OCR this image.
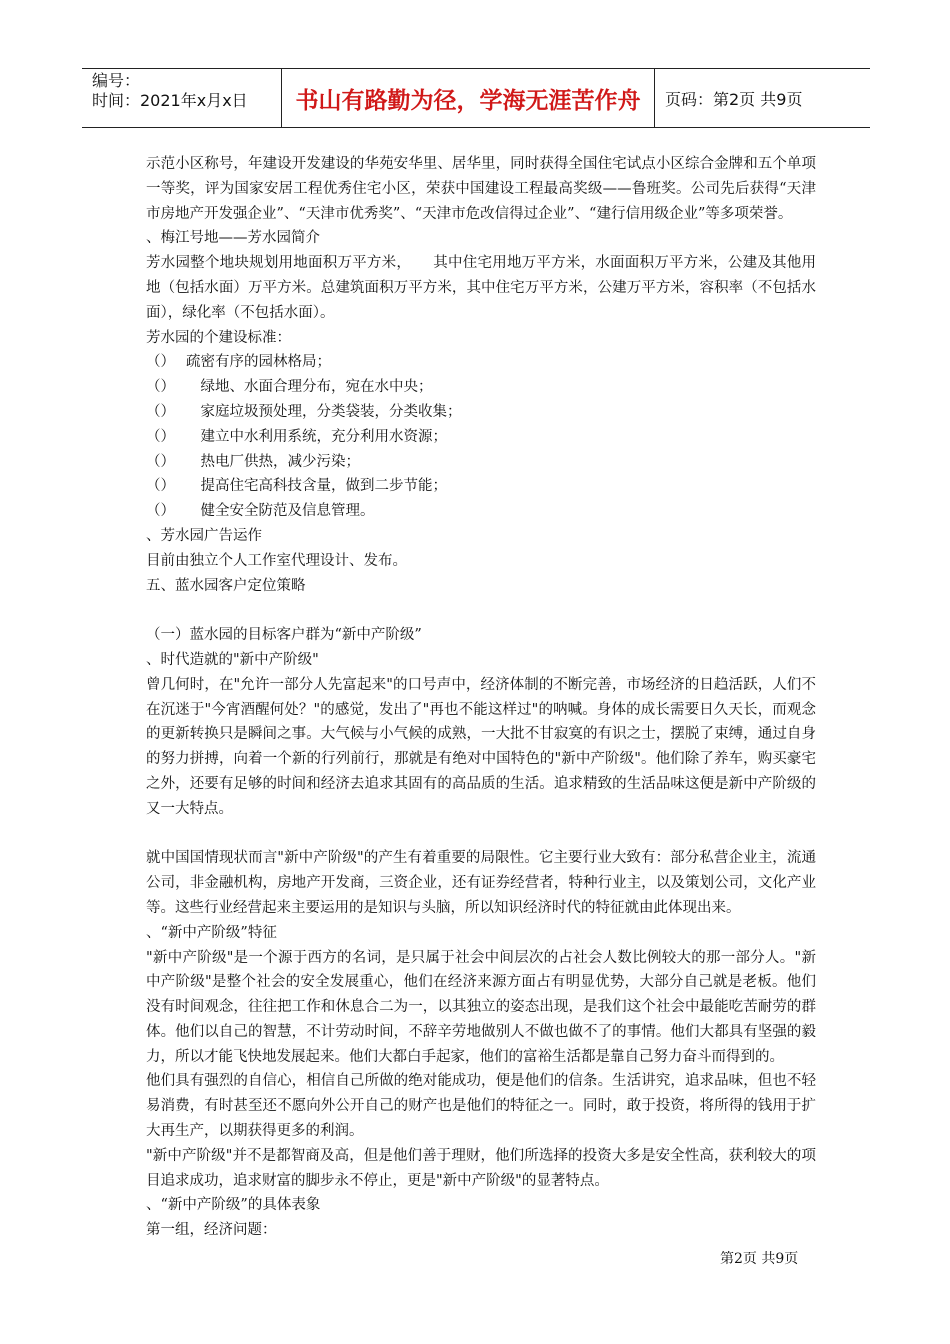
编号：
时间：2021年x月x日	书山有路勤为径，学海无涯苦作舟	页码：第2页 共9页

示范小区称号，年建设开发建设的华苑安华里、居华里，同时获得全国住宅试点小区综合金牌和五个单项一等奖，评为国家安居工程优秀住宅小区，荣获中国建设工程最高奖级——鲁班奖。公司先后获得“天津市房地产开发强企业”、“天津市优秀奖”、“天津市危改信得过企业”、“建行信用级企业”等多项荣誉。

、梅江号地——芳水园简介

芳水园整个地块规划用地面积万平方米，　　其中住宅用地万平方米，水面面积万平方米，公建及其他用地（包括水面）万平方米。总建筑面积万平方米，其中住宅万平方米，公建万平方米，容积率（不包括水面），绿化率（不包括水面）。

芳水园的个建设标准：

（） 疏密有序的园林格局；
（） 　绿地、水面合理分布，宛在水中央；
（） 　家庭垃圾预处理，分类袋装，分类收集；
（） 　建立中水利用系统，充分利用水资源；
（） 　热电厂供热，减少污染；
（） 　提高住宅高科技含量，做到二步节能；
（） 　健全安全防范及信息管理。

、芳水园广告运作

目前由独立个人工作室代理设计、发布。

五、蓝水园客户定位策略

（一）蓝水园的目标客户群为“新中产阶级”

、时代造就的"新中产阶级"

曾几何时，在"允许一部分人先富起来"的口号声中，经济体制的不断完善，市场经济的日趋活跃，人们不在沉迷于"今宵酒醒何处？"的感觉，发出了"再也不能这样过"的呐喊。身体的成长需要日久天长，而观念的更新转换只是瞬间之事。大气候与小气候的成熟，一大批不甘寂寞的有识之士，摆脱了束缚，通过自身的努力拼搏，向着一个新的行列前行，那就是有绝对中国特色的"新中产阶级"。他们除了养车，购买豪宅之外，还要有足够的时间和经济去追求其固有的高品质的生活。追求精致的生活品味这便是新中产阶级的又一大特点。

就中国国情现状而言"新中产阶级"的产生有着重要的局限性。它主要行业大致有：部分私营企业主，流通公司，非金融机构，房地产开发商，三资企业，还有证券经营者，特种行业主，以及策划公司，文化产业等。这些行业经营起来主要运用的是知识与头脑，所以知识经济时代的特征就由此体现出来。

、“新中产阶级”特征

"新中产阶级"是一个源于西方的名词，是只属于社会中间层次的占社会人数比例较大的那一部分人。"新中产阶级"是整个社会的安全发展重心，他们在经济来源方面占有明显优势，大部分自己就是老板。他们没有时间观念，往往把工作和休息合二为一，以其独立的姿态出现，是我们这个社会中最能吃苦耐劳的群体。他们以自己的智慧，不计劳动时间，不辞辛劳地做别人不做也做不了的事情。他们大都具有坚强的毅力，所以才能飞快地发展起来。他们大都白手起家，他们的富裕生活都是靠自己努力奋斗而得到的。

他们具有强烈的自信心，相信自己所做的绝对能成功，便是他们的信条。生活讲究，追求品味，但也不轻易消费，有时甚至还不愿向外公开自己的财产也是他们的特征之一。同时，敢于投资，将所得的钱用于扩大再生产，以期获得更多的利润。

"新中产阶级"并不是都智商及高，但是他们善于理财，他们所选择的投资大多是安全性高，获利较大的项目追求成功，追求财富的脚步永不停止，更是"新中产阶级"的显著特点。

、“新中产阶级”的具体表象

第一组，经济问题：

第2页 共9页
